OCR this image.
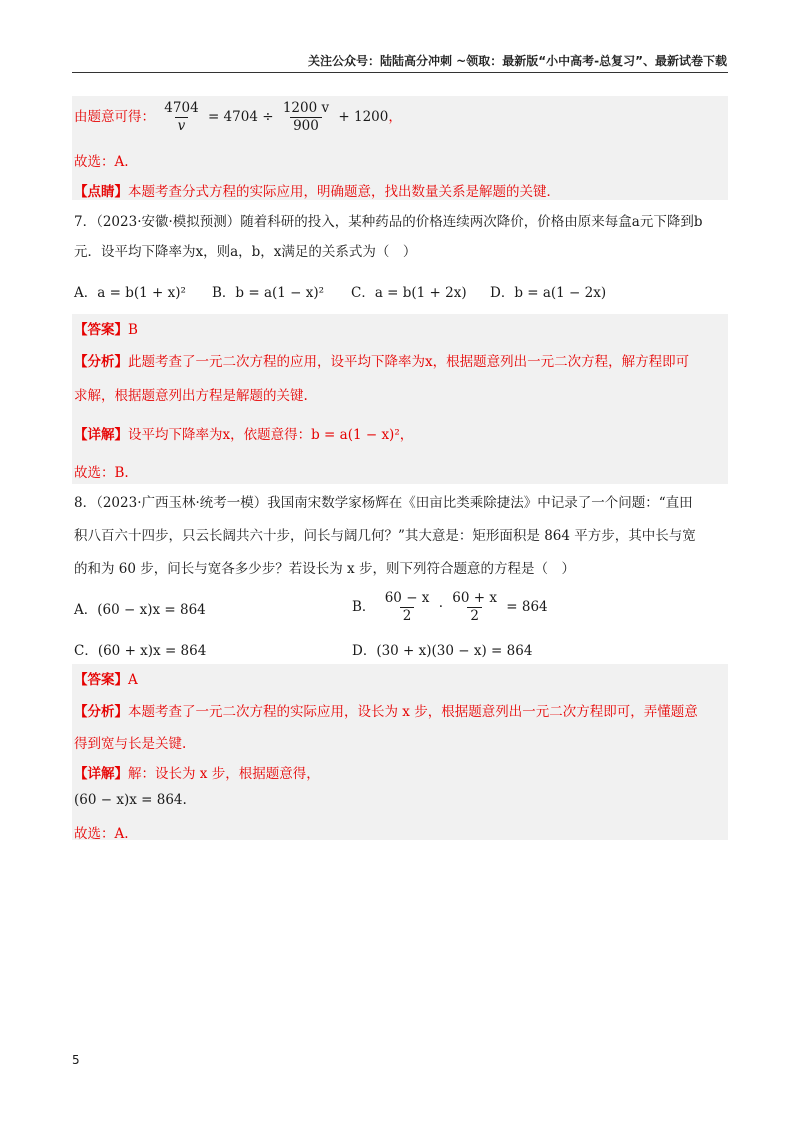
关注公众号：陆陆高分冲刺 ~领取：最新版“小中高考-总复习”、最新试卷下载
由题意可得： $\frac{4704}{v} = 4704 \div \frac{1200 v}{900} + 1200$，
故选：A.
【点睛】本题考查分式方程的实际应用，明确题意，找出数量关系是解题的关键．
7．（2023·安徽·模拟预测）随着科研的投入，某种药品的价格连续两次降价，价格由原来每盒a元下降到b
元．设平均下降率为x，则a，b，x满足的关系式为（　）
A．a = b(1 + x)² B．b = a(1 − x)² C．a = b(1 + 2x) D．b = a(1 − 2x)
【答案】B
【分析】此题考查了一元二次方程的应用，设平均下降率为x，根据题意列出一元二次方程，解方程即可
求解，根据题意列出方程是解题的关键.
【详解】设平均下降率为x，依题意得：b = a(1 − x)²，
故选：B.
8．（2023·广西玉林·统考一模）我国南宋数学家杨辉在《田亩比类乘除捷法》中记录了一个问题：“直田
积八百六十四步，只云长阔共六十步，问长与阔几何？”其大意是：矩形面积是 864 平方步，其中长与宽
的和为 60 步，问长与宽各多少步？若设长为 x 步，则下列符合题意的方程是（　）
A．(60 − x)x = 864	B． $\frac{60 - x}{2} \cdot \frac{60 + x}{2} = 864$
C．(60 + x)x = 864	D．(30 + x)(30 − x) = 864
【答案】A
【分析】本题考查了一元二次方程的实际应用，设长为 x 步，根据题意列出一元二次方程即可，弄懂题意
得到宽与长是关键.
【详解】解：设长为 x 步，根据题意得，
(60 − x)x = 864.
故选：A.
5
